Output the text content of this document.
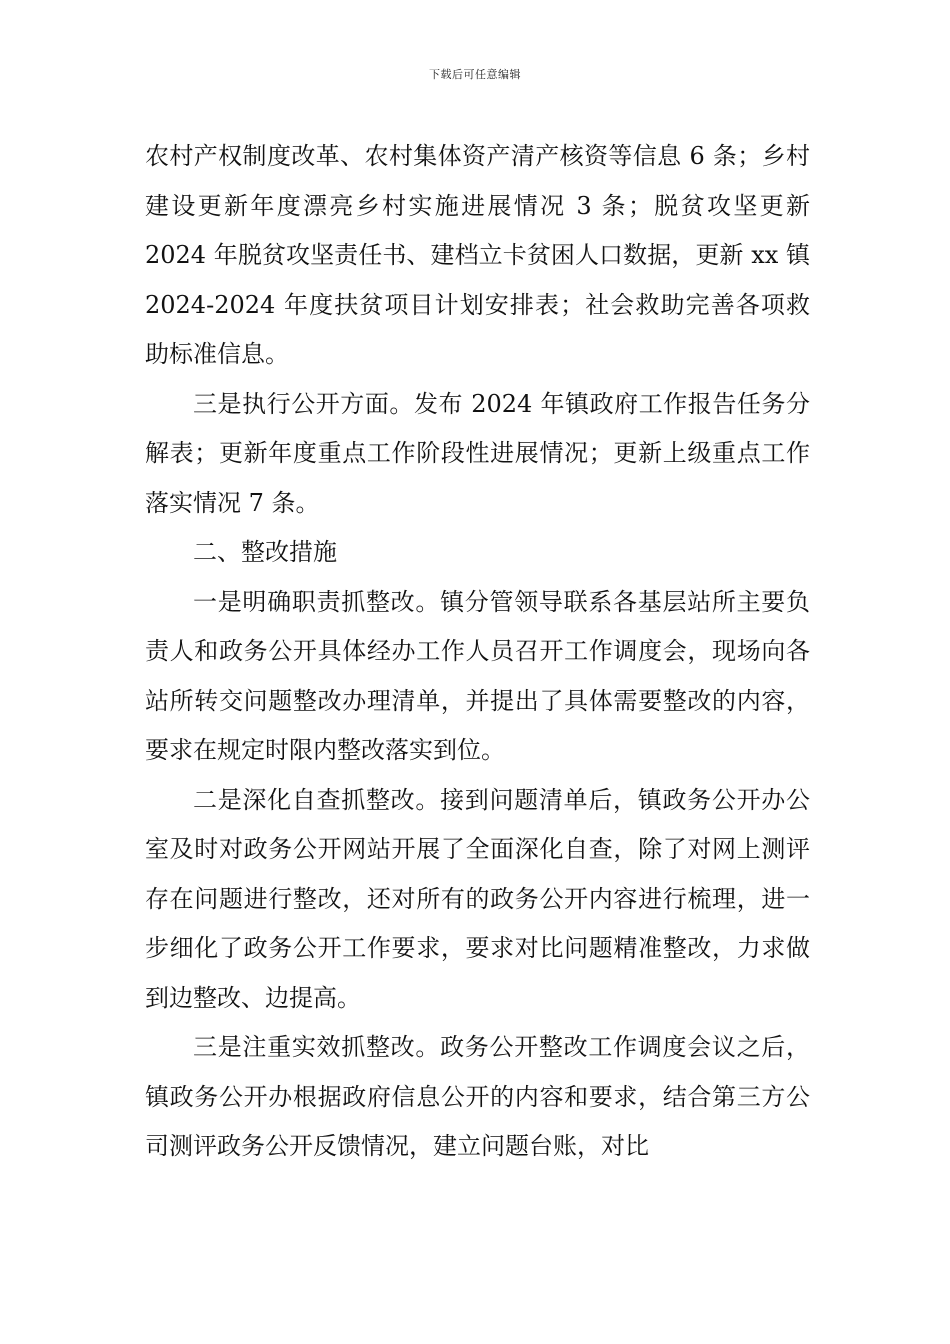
下载后可任意编辑

农村产权制度改革、农村集体资产清产核资等信息 6 条；乡村建设更新年度漂亮乡村实施进展情况 3 条；脱贫攻坚更新 2024 年脱贫攻坚责任书、建档立卡贫困人口数据，更新 xx 镇 2024-2024 年度扶贫项目计划安排表；社会救助完善各项救助标准信息。

三是执行公开方面。发布 2024 年镇政府工作报告任务分解表；更新年度重点工作阶段性进展情况；更新上级重点工作落实情况 7 条。

二、整改措施

一是明确职责抓整改。镇分管领导联系各基层站所主要负责人和政务公开具体经办工作人员召开工作调度会，现场向各站所转交问题整改办理清单，并提出了具体需要整改的内容，要求在规定时限内整改落实到位。

二是深化自查抓整改。接到问题清单后，镇政务公开办公室及时对政务公开网站开展了全面深化自查，除了对网上测评存在问题进行整改，还对所有的政务公开内容进行梳理，进一步细化了政务公开工作要求，要求对比问题精准整改，力求做到边整改、边提高。

三是注重实效抓整改。政务公开整改工作调度会议之后，镇政务公开办根据政府信息公开的内容和要求，结合第三方公司测评政务公开反馈情况，建立问题台账，对比
